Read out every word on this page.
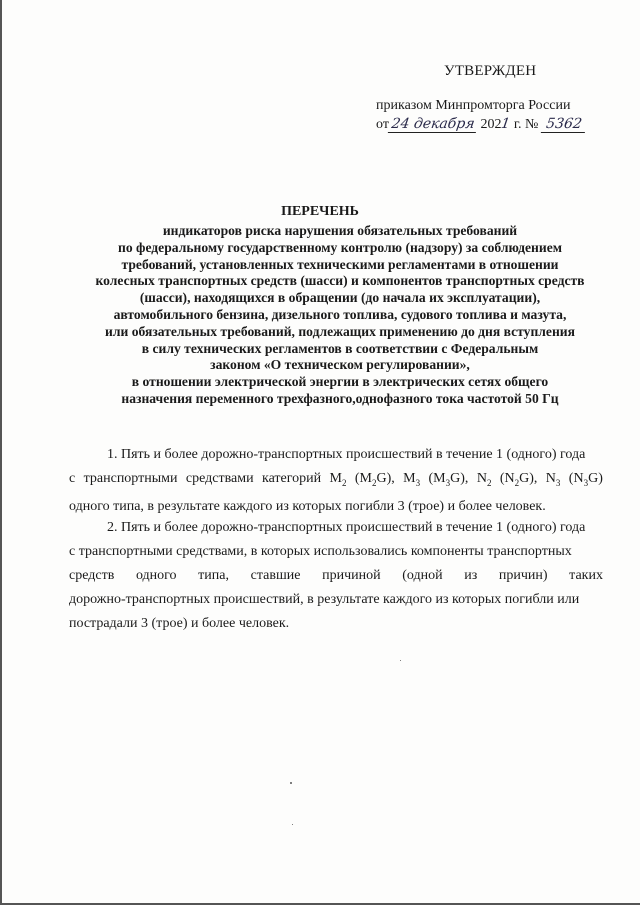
УТВЕРЖДЕН
приказом Минпромторга России
от24 декабря 2021 г. № 5362
ПЕРЕЧЕНЬ
индикаторов риска нарушения обязательных требований
по федеральному государственному контролю (надзору) за соблюдением
требований, установленных техническими регламентами в отношении
колесных транспортных средств (шасси) и компонентов транспортных средств
(шасси), находящихся в обращении (до начала их эксплуатации),
автомобильного бензина, дизельного топлива, судового топлива и мазута,
или обязательных требований, подлежащих применению до дня вступления
в силу технических регламентов в соответствии с Федеральным
законом «О техническом регулировании»,
в отношении электрической энергии в электрических сетях общего
назначения переменного трехфазного,однофазного тока частотой 50 Гц
1. Пять и более дорожно-транспортных происшествий в течение 1 (одного) года
с транспортными средствами категорий $M_2$ $(M_2G)$, $M_3$ $(M_3G)$, $N_2$ $(N_2G)$, $N_3$ $(N_3G)$
одного типа, в результате каждого из которых погибли 3 (трое) и более человек.
2. Пять и более дорожно-транспортных происшествий в течение 1 (одного) года
с транспортными средствами, в которых использовались компоненты транспортных
средств одного типа, ставшие причиной (одной из причин) таких
дорожно-транспортных происшествий, в результате каждого из которых погибли или
пострадали 3 (трое) и более человек.
